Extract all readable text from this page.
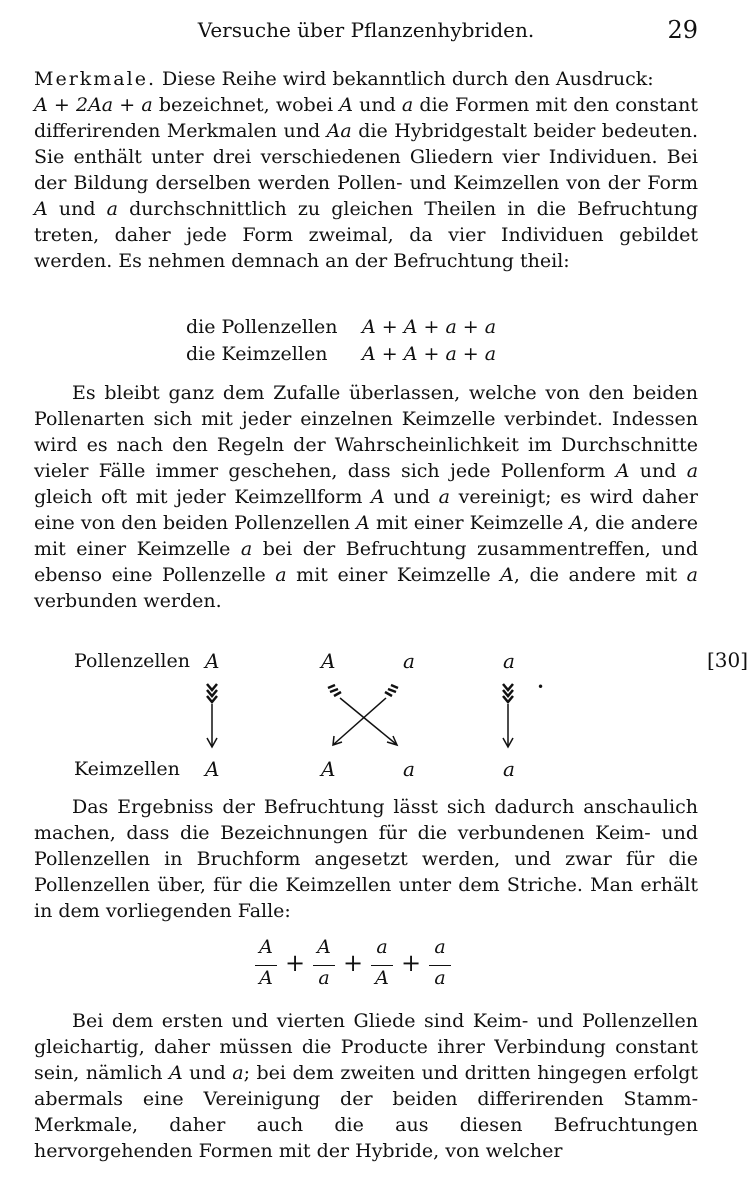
Versuche über Pflanzenhybriden.	29

Merkmale. Diese Reihe wird bekanntlich durch den Ausdruck:
A + 2Aa + a bezeichnet, wobei A und a die Formen mit den constant differirenden Merkmalen und Aa die Hybridgestalt beider bedeuten. Sie enthält unter drei verschiedenen Gliedern vier Individuen. Bei der Bildung derselben werden Pollen- und Keimzellen von der Form A und a durchschnittlich zu gleichen Theilen in die Befruchtung treten, daher jede Form zweimal, da vier Individuen gebildet werden. Es nehmen demnach an der Befruchtung theil:

die Pollenzellen A + A + a + a
die Keimzellen A + A + a + a

Es bleibt ganz dem Zufalle überlassen, welche von den beiden Pollenarten sich mit jeder einzelnen Keimzelle verbindet. Indessen wird es nach den Regeln der Wahrscheinlichkeit im Durchschnitte vieler Fälle immer geschehen, dass sich jede Pollenform A und a gleich oft mit jeder Keimzellform A und a vereinigt; es wird daher eine von den beiden Pollenzellen A mit einer Keimzelle A, die andere mit einer Keimzelle a bei der Befruchtung zusammentreffen, und ebenso eine Pollenzelle a mit einer Keimzelle A, die andere mit a verbunden werden.

Pollenzellen A	A	a	a
•
Keimzellen A	A	a	a
[30]

Das Ergebniss der Befruchtung lässt sich dadurch anschaulich machen, dass die Bezeichnungen für die verbundenen Keim- und Pollenzellen in Bruchform angesetzt werden, und zwar für die Pollenzellen über, für die Keimzellen unter dem Striche. Man erhält in dem vorliegenden Falle:

A
A
+
A
a
+
a
A
+
a
a

Bei dem ersten und vierten Gliede sind Keim- und Pollenzellen gleichartig, daher müssen die Producte ihrer Verbindung constant sein, nämlich A und a; bei dem zweiten und dritten hingegen erfolgt abermals eine Vereinigung der beiden differirenden Stamm-Merkmale, daher auch die aus diesen Befruchtungen hervorgehenden Formen mit der Hybride, von welcher
